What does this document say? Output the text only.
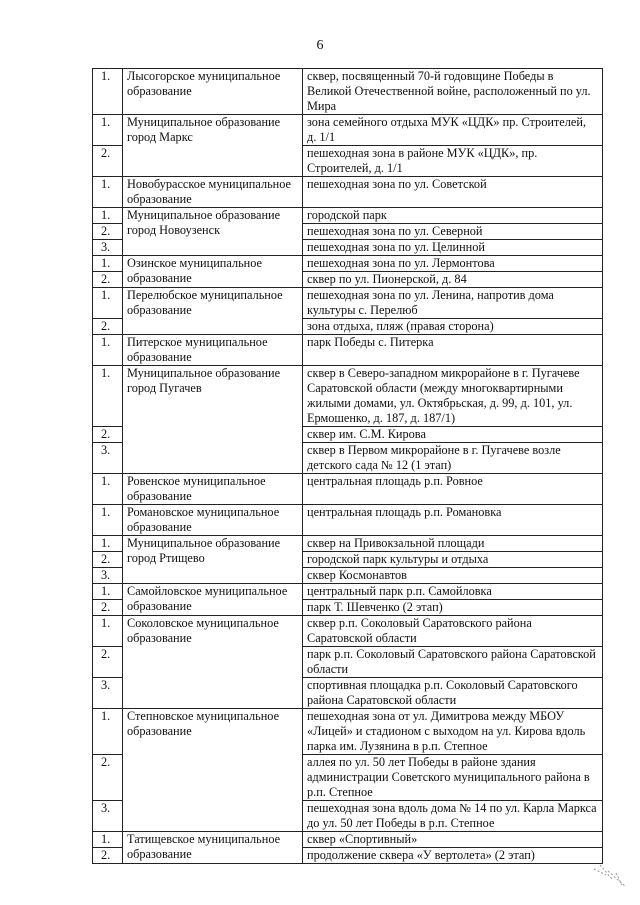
6
1.	Лысогорское муниципальное образование	сквер, посвященный 70-й годовщине Победы в Великой Отечественной войне, расположенный по ул. Мира
1.	Муниципальное образование город Маркс	зона семейного отдыха МУК «ЦДК» пр. Строителей, д. 1/1
2.		пешеходная зона в районе МУК «ЦДК», пр. Строителей, д. 1/1
1.	Новобурасское муниципальное образование	пешеходная зона по ул. Советской
1.	Муниципальное образование город Новоузенск	городской парк
2.		пешеходная зона по ул. Северной
3.		пешеходная зона по ул. Целинной
1.	Озинское муниципальное образование	пешеходная зона по ул. Лермонтова
2.		сквер по ул. Пионерской, д. 84
1.	Перелюбское муниципальное образование	пешеходная зона по ул. Ленина, напротив дома культуры с. Перелюб
2.		зона отдыха, пляж (правая сторона)
1.	Питерское муниципальное образование	парк Победы с. Питерка
1.	Муниципальное образование город Пугачев	сквер в Северо-западном микрорайоне в г. Пугачеве Саратовской области (между многоквартирными жилыми домами, ул. Октябрьская, д. 99, д. 101, ул. Ермошенко, д. 187, д. 187/1)
2.		сквер им. С.М. Кирова
3.		сквер в Первом микрорайоне в г. Пугачеве возле детского сада № 12 (1 этап)
1.	Ровенское муниципальное образование	центральная площадь р.п. Ровное
1.	Романовское муниципальное образование	центральная площадь р.п. Романовка
1.	Муниципальное образование город Ртищево	сквер на Привокзальной площади
2.		городской парк культуры и отдыха
3.		сквер Космонавтов
1.	Самойловское муниципальное образование	центральный парк р.п. Самойловка
2.		парк Т. Шевченко (2 этап)
1.	Соколовское муниципальное образование	сквер р.п. Соколовый Саратовского района Саратовской области
2.		парк р.п. Соколовый Саратовского района Саратовской области
3.		спортивная площадка р.п. Соколовый Саратовского района Саратовской области
1.	Степновское муниципальное образование	пешеходная зона от ул. Димитрова между МБОУ «Лицей» и стадионом с выходом на ул. Кирова вдоль парка им. Лузянина в р.п. Степное
2.		аллея по ул. 50 лет Победы в районе здания администрации Советского муниципального района в р.п. Степное
3.		пешеходная зона вдоль дома № 14 по ул. Карла Маркса до ул. 50 лет Победы в р.п. Степное
1.	Татищевское муниципальное образование	сквер «Спортивный»
2.		продолжение сквера «У вертолета» (2 этап)
